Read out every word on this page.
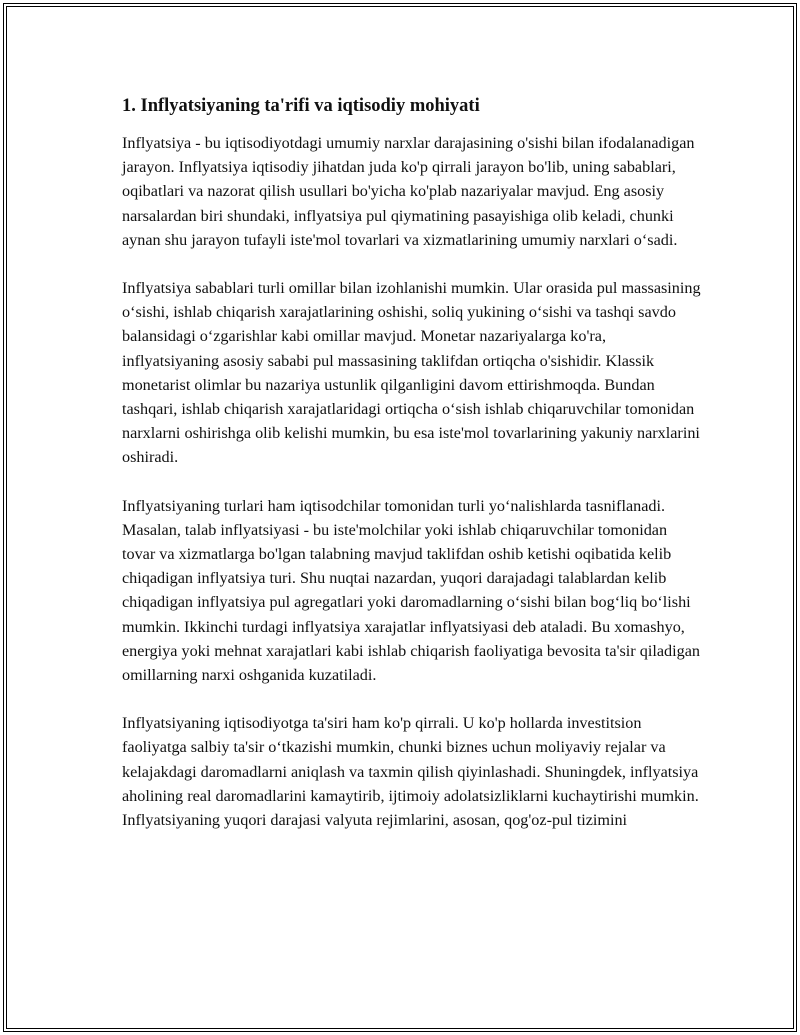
1. Inflyatsiyaning ta'rifi va iqtisodiy mohiyati

Inflyatsiya - bu iqtisodiyotdagi umumiy narxlar darajasining o'sishi bilan ifodalanadigan jarayon. Inflyatsiya iqtisodiy jihatdan juda ko'p qirrali jarayon bo'lib, uning sabablari, oqibatlari va nazorat qilish usullari bo'yicha ko'plab nazariyalar mavjud. Eng asosiy narsalardan biri shundaki, inflyatsiya pul qiymatining pasayishiga olib keladi, chunki aynan shu jarayon tufayli iste'mol tovarlari va xizmatlarining umumiy narxlari o‘sadi.

Inflyatsiya sabablari turli omillar bilan izohlanishi mumkin. Ular orasida pul massasining o‘sishi, ishlab chiqarish xarajatlarining oshishi, soliq yukining o‘sishi va tashqi savdo balansidagi o‘zgarishlar kabi omillar mavjud. Monetar nazariyalarga ko'ra, inflyatsiyaning asosiy sababi pul massasining taklifdan ortiqcha o'sishidir. Klassik monetarist olimlar bu nazariya ustunlik qilganligini davom ettirishmoqda. Bundan tashqari, ishlab chiqarish xarajatlaridagi ortiqcha o‘sish ishlab chiqaruvchilar tomonidan narxlarni oshirishga olib kelishi mumkin, bu esa iste'mol tovarlarining yakuniy narxlarini oshiradi.

Inflyatsiyaning turlari ham iqtisodchilar tomonidan turli yo‘nalishlarda tasniflanadi. Masalan, talab inflyatsiyasi - bu iste'molchilar yoki ishlab chiqaruvchilar tomonidan tovar va xizmatlarga bo'lgan talabning mavjud taklifdan oshib ketishi oqibatida kelib chiqadigan inflyatsiya turi. Shu nuqtai nazardan, yuqori darajadagi talablardan kelib chiqadigan inflyatsiya pul agregatlari yoki daromadlarning o‘sishi bilan bog‘liq bo‘lishi mumkin. Ikkinchi turdagi inflyatsiya xarajatlar inflyatsiyasi deb ataladi. Bu xomashyo, energiya yoki mehnat xarajatlari kabi ishlab chiqarish faoliyatiga bevosita ta'sir qiladigan omillarning narxi oshganida kuzatiladi.

Inflyatsiyaning iqtisodiyotga ta'siri ham ko'p qirrali. U ko'p hollarda investitsion faoliyatga salbiy ta'sir o‘tkazishi mumkin, chunki biznes uchun moliyaviy rejalar va kelajakdagi daromadlarni aniqlash va taxmin qilish qiyinlashadi. Shuningdek, inflyatsiya aholining real daromadlarini kamaytirib, ijtimoiy adolatsizliklarni kuchaytirishi mumkin. Inflyatsiyaning yuqori darajasi valyuta rejimlarini, asosan, qog'oz-pul tizimini
